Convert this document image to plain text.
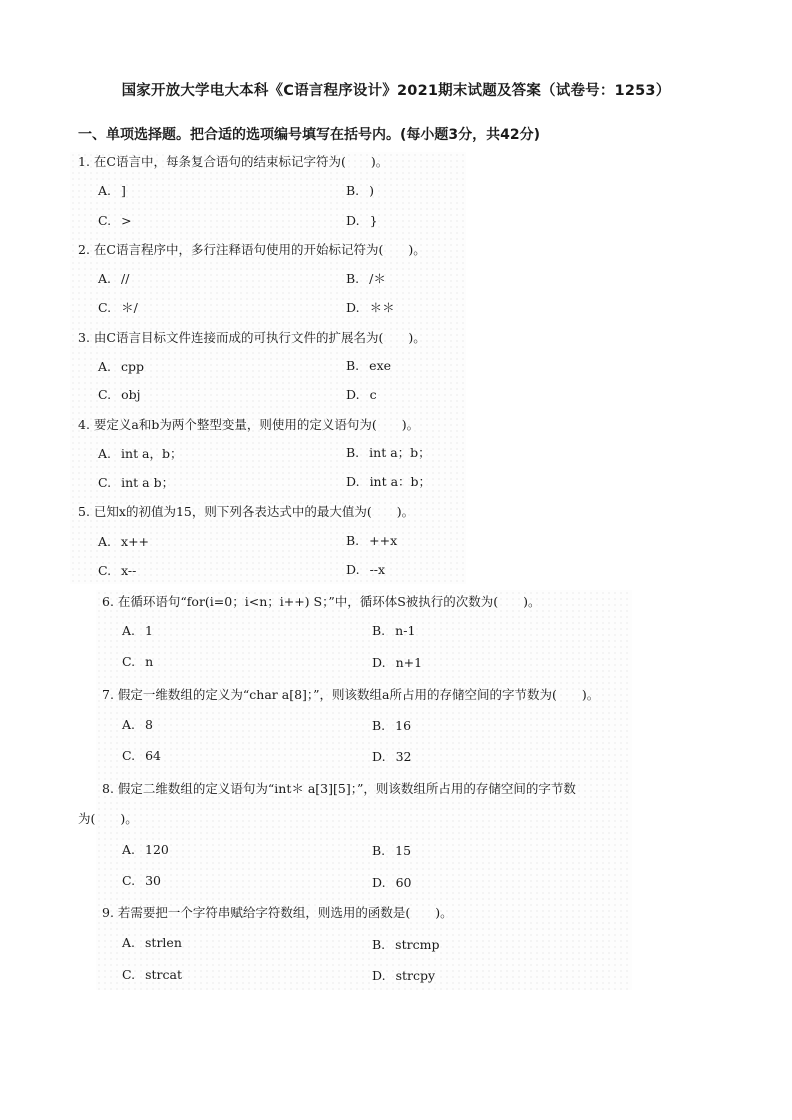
国家开放大学电大本科《C语言程序设计》2021期末试题及答案（试卷号：1253）
一、单项选择题。把合适的选项编号填写在括号内。(每小题3分，共42分)
1. 在C语言中，每条复合语句的结束标记字符为(　　)。
A. ]	B. )
C. >	D. }
2. 在C语言程序中，多行注释语句使用的开始标记符为(　　)。
A. //	B. /＊
C. ＊/	D. ＊＊
3. 由C语言目标文件连接而成的可执行文件的扩展名为(　　)。
A. cpp	B. exe
C. obj	D. c
4. 要定义a和b为两个整型变量，则使用的定义语句为(　　)。
A. int a，b；	B. int a；b；
C. int a b；	D. int a：b；
5. 已知x的初值为15，则下列各表达式中的最大值为(　　)。
A. x++	B. ++x
C. x--	D. --x
6. 在循环语句“for(i=0；i<n；i++) S；”中，循环体S被执行的次数为(　　)。
A. 1	B. n-1
C. n	D. n+1
7. 假定一维数组的定义为“char a[8]；”，则该数组a所占用的存储空间的字节数为(　　)。
A. 8	B. 16
C. 64	D. 32
8. 假定二维数组的定义语句为“int＊ a[3][5]；”，则该数组所占用的存储空间的字节数
为(　　)。
A. 120	B. 15
C. 30	D. 60
9. 若需要把一个字符串赋给字符数组，则选用的函数是(　　)。
A. strlen	B. strcmp
C. strcat	D. strcpy
